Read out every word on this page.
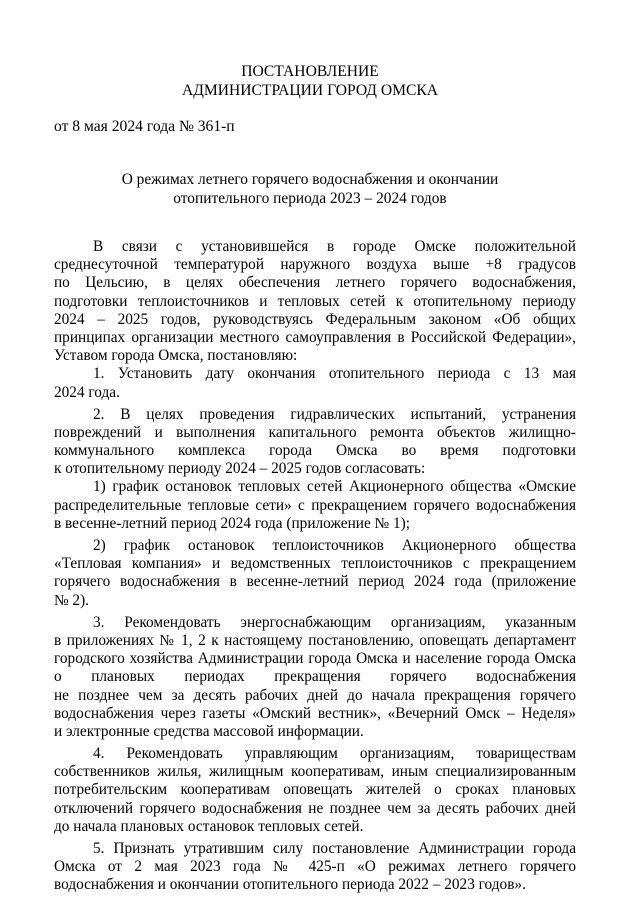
ПОСТАНОВЛЕНИЕ
АДМИНИСТРАЦИИ ГОРОД ОМСКА
от 8 мая 2024 года № 361-п
О режимах летнего горячего водоснабжения и окончании
отопительного периода 2023 – 2024 годов
В связи с установившейся в городе Омске положительной
среднесуточной температурой наружного воздуха выше +8 градусов
по Цельсию, в целях обеспечения летнего горячего водоснабжения,
подготовки теплоисточников и тепловых сетей к отопительному периоду
2024 – 2025 годов, руководствуясь Федеральным законом «Об общих
принципах организации местного самоуправления в Российской Федерации»,
Уставом города Омска, постановляю:
1. Установить дату окончания отопительного периода с 13 мая
2024 года.
2. В целях проведения гидравлических испытаний, устранения
повреждений и выполнения капитального ремонта объектов жилищно-
коммунального комплекса города Омска во время подготовки
к отопительному периоду 2024 – 2025 годов согласовать:
1) график остановок тепловых сетей Акционерного общества «Омские
распределительные тепловые сети» с прекращением горячего водоснабжения
в весенне-летний период 2024 года (приложение № 1);
2) график остановок теплоисточников Акционерного общества
«Тепловая компания» и ведомственных теплоисточников с прекращением
горячего водоснабжения в весенне-летний период 2024 года (приложение
№ 2).
3. Рекомендовать энергоснабжающим организациям, указанным
в приложениях № 1, 2 к настоящему постановлению, оповещать департамент
городского хозяйства Администрации города Омска и население города Омска
о плановых периодах прекращения горячего водоснабжения
не позднее чем за десять рабочих дней до начала прекращения горячего
водоснабжения через газеты «Омский вестник», «Вечерний Омск – Неделя»
и электронные средства массовой информации.
4. Рекомендовать управляющим организациям, товариществам
собственников жилья, жилищным кооперативам, иным специализированным
потребительским кооперативам оповещать жителей о сроках плановых
отключений горячего водоснабжения не позднее чем за десять рабочих дней
до начала плановых остановок тепловых сетей.
5. Признать утратившим силу постановление Администрации города
Омска от 2 мая 2023 года № 425-п «О режимах летнего горячего
водоснабжения и окончании отопительного периода 2022 – 2023 годов».
